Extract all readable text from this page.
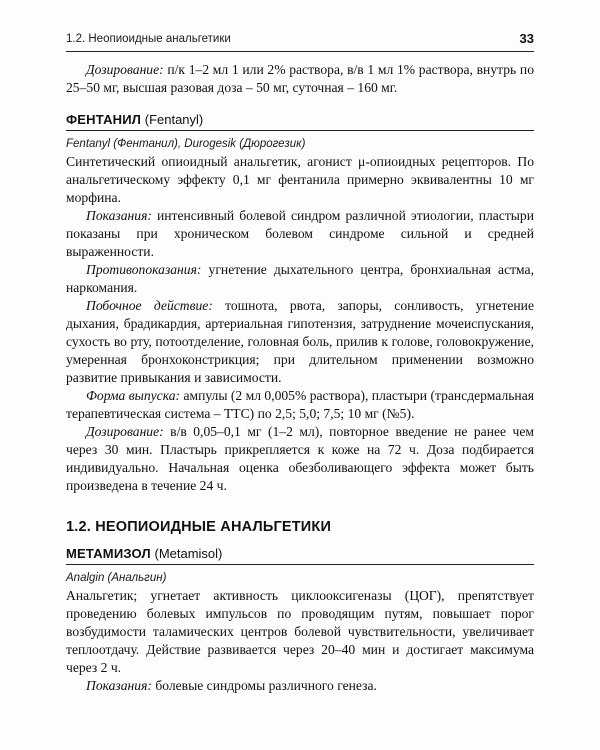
1.2. Неопиоидные анальгетики	33

Дозирование: п/к 1–2 мл 1 или 2% раствора, в/в 1 мл 1% раствора, внутрь по 25–50 мг, высшая разовая доза – 50 мг, суточная – 160 мг.

ФЕНТАНИЛ (Fentanyl)
Fentanyl (Фентанил), Durogesik (Дюрогезик)

Синтетический опиоидный анальгетик, агонист μ-опиоидных рецепторов. По анальгетическому эффекту 0,1 мг фентанила примерно эквивалентны 10 мг морфина.

Показания: интенсивный болевой синдром различной этиологии, пластыри показаны при хроническом болевом синдроме сильной и средней выраженности.

Противопоказания: угнетение дыхательного центра, бронхиальная астма, наркомания.

Побочное действие: тошнота, рвота, запоры, сонливость, угнетение дыхания, брадикардия, артериальная гипотензия, затруднение мочеиспускания, сухость во рту, потоотделение, головная боль, прилив к голове, головокружение, умеренная бронхоконстрикция; при длительном применении возможно развитие привыкания и зависимости.

Форма выпуска: ампулы (2 мл 0,005% раствора), пластыри (трансдермальная терапевтическая система – ТТС) по 2,5; 5,0; 7,5; 10 мг (№5).

Дозирование: в/в 0,05–0,1 мг (1–2 мл), повторное введение не ранее чем через 30 мин. Пластырь прикрепляется к коже на 72 ч. Доза подбирается индивидуально. Начальная оценка обезболивающего эффекта может быть произведена в течение 24 ч.

1.2. НЕОПИОИДНЫЕ АНАЛЬГЕТИКИ
МЕТАМИЗОЛ (Metamisol)
Analgin (Анальгин)

Анальгетик; угнетает активность циклооксигеназы (ЦОГ), препятствует проведению болевых импульсов по проводящим путям, повышает порог возбудимости таламических центров болевой чувствительности, увеличивает теплоотдачу. Действие развивается через 20–40 мин и достигает максимума через 2 ч.

Показания: болевые синдромы различного генеза.
